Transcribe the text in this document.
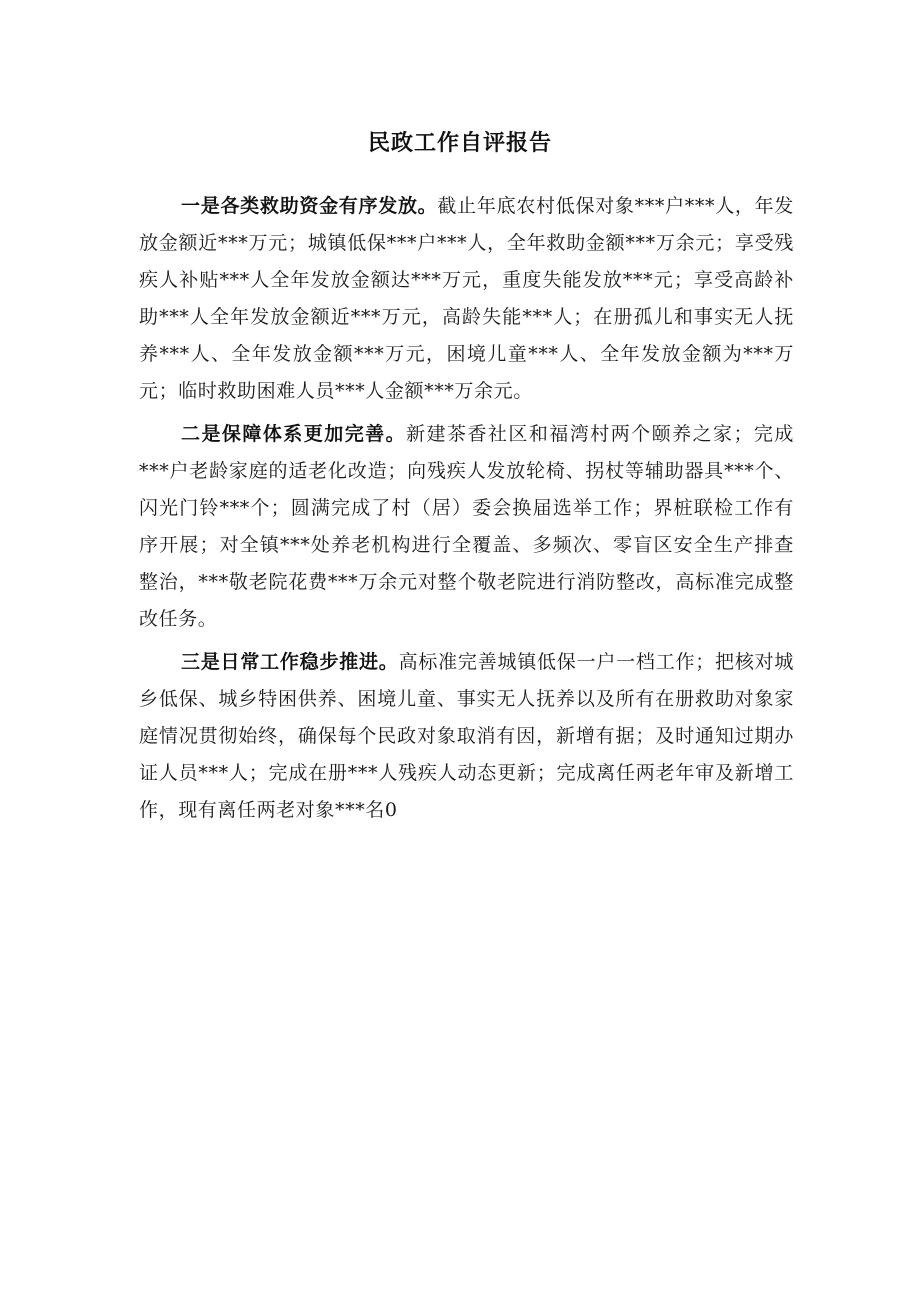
民政工作自评报告

一是各类救助资金有序发放。截止年底农村低保对象***户***人，年发放金额近***万元；城镇低保***户***人，全年救助金额***万余元；享受残疾人补贴***人全年发放金额达***万元，重度失能发放***元；享受高龄补助***人全年发放金额近***万元，高龄失能***人；在册孤儿和事实无人抚养***人、全年发放金额***万元，困境儿童***人、全年发放金额为***万元；临时救助困难人员***人金额***万余元。

二是保障体系更加完善。新建茶香社区和福湾村两个颐养之家；完成***户老龄家庭的适老化改造；向残疾人发放轮椅、拐杖等辅助器具***个、闪光门铃***个；圆满完成了村（居）委会换届选举工作；界桩联检工作有序开展；对全镇***处养老机构进行全覆盖、多频次、零盲区安全生产排查整治，***敬老院花费***万余元对整个敬老院进行消防整改，高标准完成整改任务。

三是日常工作稳步推进。高标准完善城镇低保一户一档工作；把核对城乡低保、城乡特困供养、困境儿童、事实无人抚养以及所有在册救助对象家庭情况贯彻始终，确保每个民政对象取消有因，新增有据；及时通知过期办证人员***人；完成在册***人残疾人动态更新；完成离任两老年审及新增工作，现有离任两老对象***名0
